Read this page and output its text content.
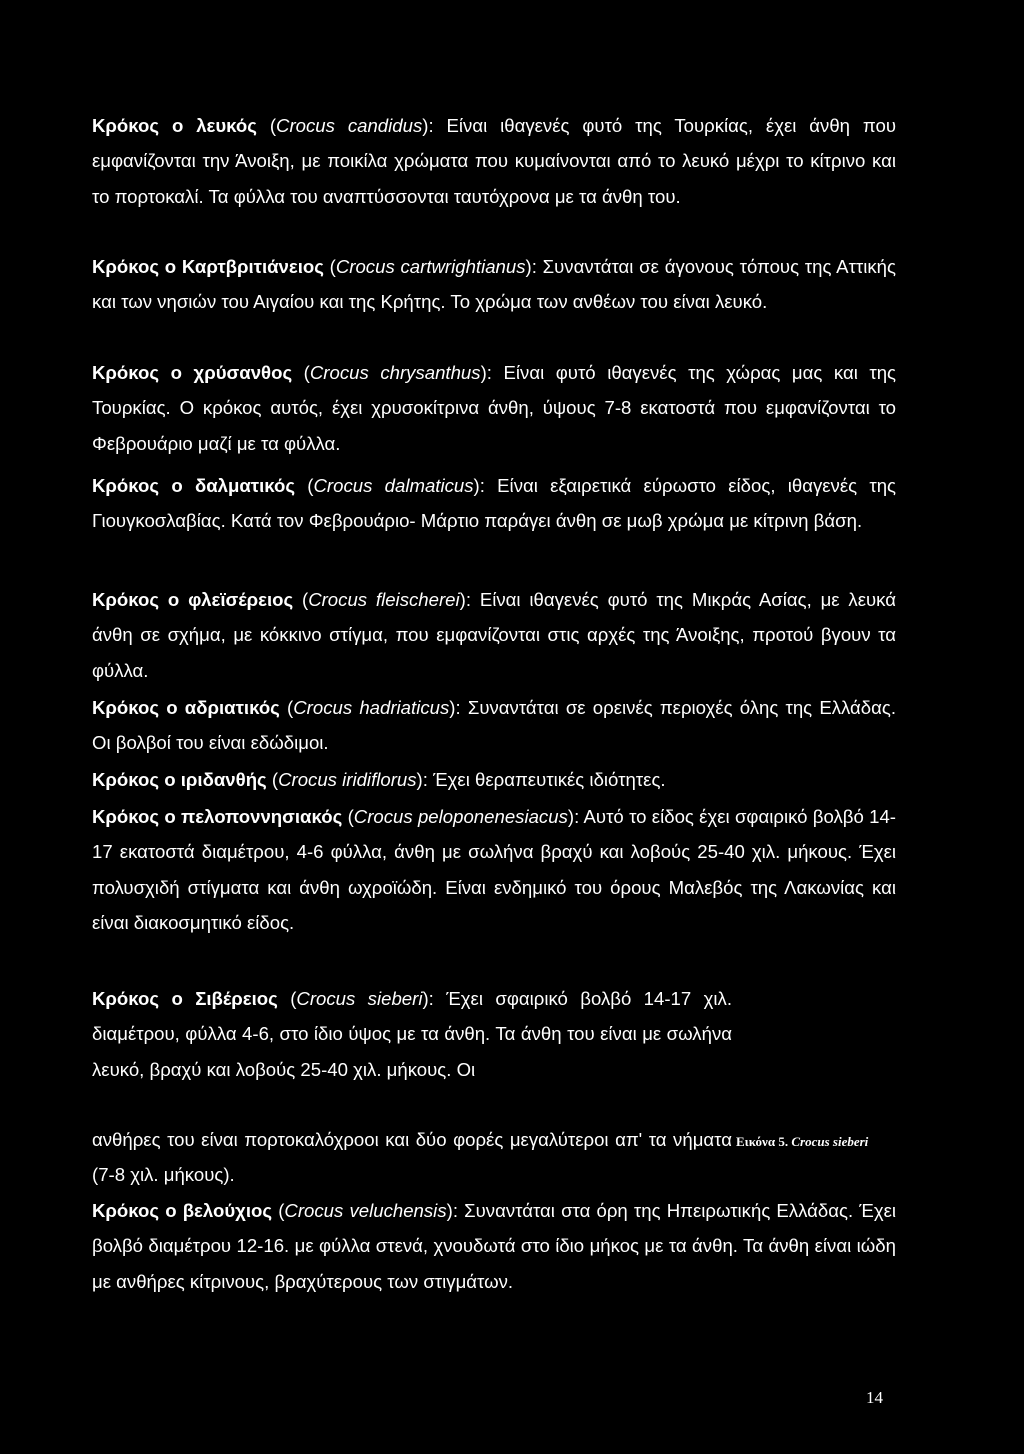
Κρόκος ο λευκός (Crocus candidus): Είναι ιθαγενές φυτό της Τουρκίας, έχει άνθη που εμφανίζονται την Άνοιξη, με ποικίλα χρώματα που κυμαίνονται από το λευκό μέχρι το κίτρινο και το πορτοκαλί. Τα φύλλα του αναπτύσσονται ταυτόχρονα με τα άνθη του.

Κρόκος ο Καρτβριτιάνειος (Crocus cartwrightianus): Συναντάται σε άγονους τόπους της Αττικής και των νησιών του Αιγαίου και της Κρήτης. Το χρώμα των ανθέων του είναι λευκό.

Κρόκος ο χρύσανθος (Crocus chrysanthus): Είναι φυτό ιθαγενές της χώρας μας και της Τουρκίας. Ο κρόκος αυτός, έχει χρυσοκίτρινα άνθη, ύψους 7-8 εκατοστά που εμφανίζονται το Φεβρουάριο μαζί με τα φύλλα.

Κρόκος ο δαλματικός (Crocus dalmaticus): Είναι εξαιρετικά εύρωστο είδος, ιθαγενές της Γιουγκοσλαβίας. Κατά τον Φεβρουάριο- Μάρτιο παράγει άνθη σε μωβ χρώμα με κίτρινη βάση.

Κρόκος ο φλεϊσέρειος (Crocus fleischerei): Είναι ιθαγενές φυτό της Μικράς Ασίας, με λευκά άνθη σε σχήμα, με κόκκινο στίγμα, που εμφανίζονται στις αρχές της Άνοιξης, προτού βγουν τα φύλλα.

Κρόκος ο αδριατικός (Crocus hadriaticus): Συναντάται σε ορεινές περιοχές όλης της Ελλάδας. Οι βολβοί του είναι εδώδιμοι.

Κρόκος ο ιριδανθής (Crocus iridiflorus): Έχει θεραπευτικές ιδιότητες.

Κρόκος ο πελοποννησιακός (Crocus peloponenesiacus): Αυτό το είδος έχει σφαιρικό βολβό 14-17 εκατοστά διαμέτρου, 4-6 φύλλα, άνθη με σωλήνα βραχύ και λοβούς 25-40 χιλ. μήκους. Έχει πολυσχιδή στίγματα και άνθη ωχροϊώδη. Είναι ενδημικό του όρους Μαλεβός της Λακωνίας και είναι διακοσμητικό είδος.

Κρόκος ο Σιβέρειος (Crocus sieberi): Έχει σφαιρικό βολβό 14-17 χιλ. διαμέτρου, φύλλα 4-6, στο ίδιο ύψος με τα άνθη. Τα άνθη του είναι με σωλήνα λευκό, βραχύ και λοβούς 25-40 χιλ. μήκους. Οι

ανθήρες του είναι πορτοκαλόχροοι και δύο φορές μεγαλύτεροι απ' τα νήματα (7-8 χιλ. μήκους).

Εικόνα 5. Crocus sieberi

Κρόκος ο βελούχιος (Crocus veluchensis): Συναντάται στα όρη της Ηπειρωτικής Ελλάδας. Έχει βολβό διαμέτρου 12-16. με φύλλα στενά, χνουδωτά στο ίδιο μήκος με τα άνθη. Τα άνθη είναι ιώδη με ανθήρες κίτρινους, βραχύτερους των στιγμάτων.

14
